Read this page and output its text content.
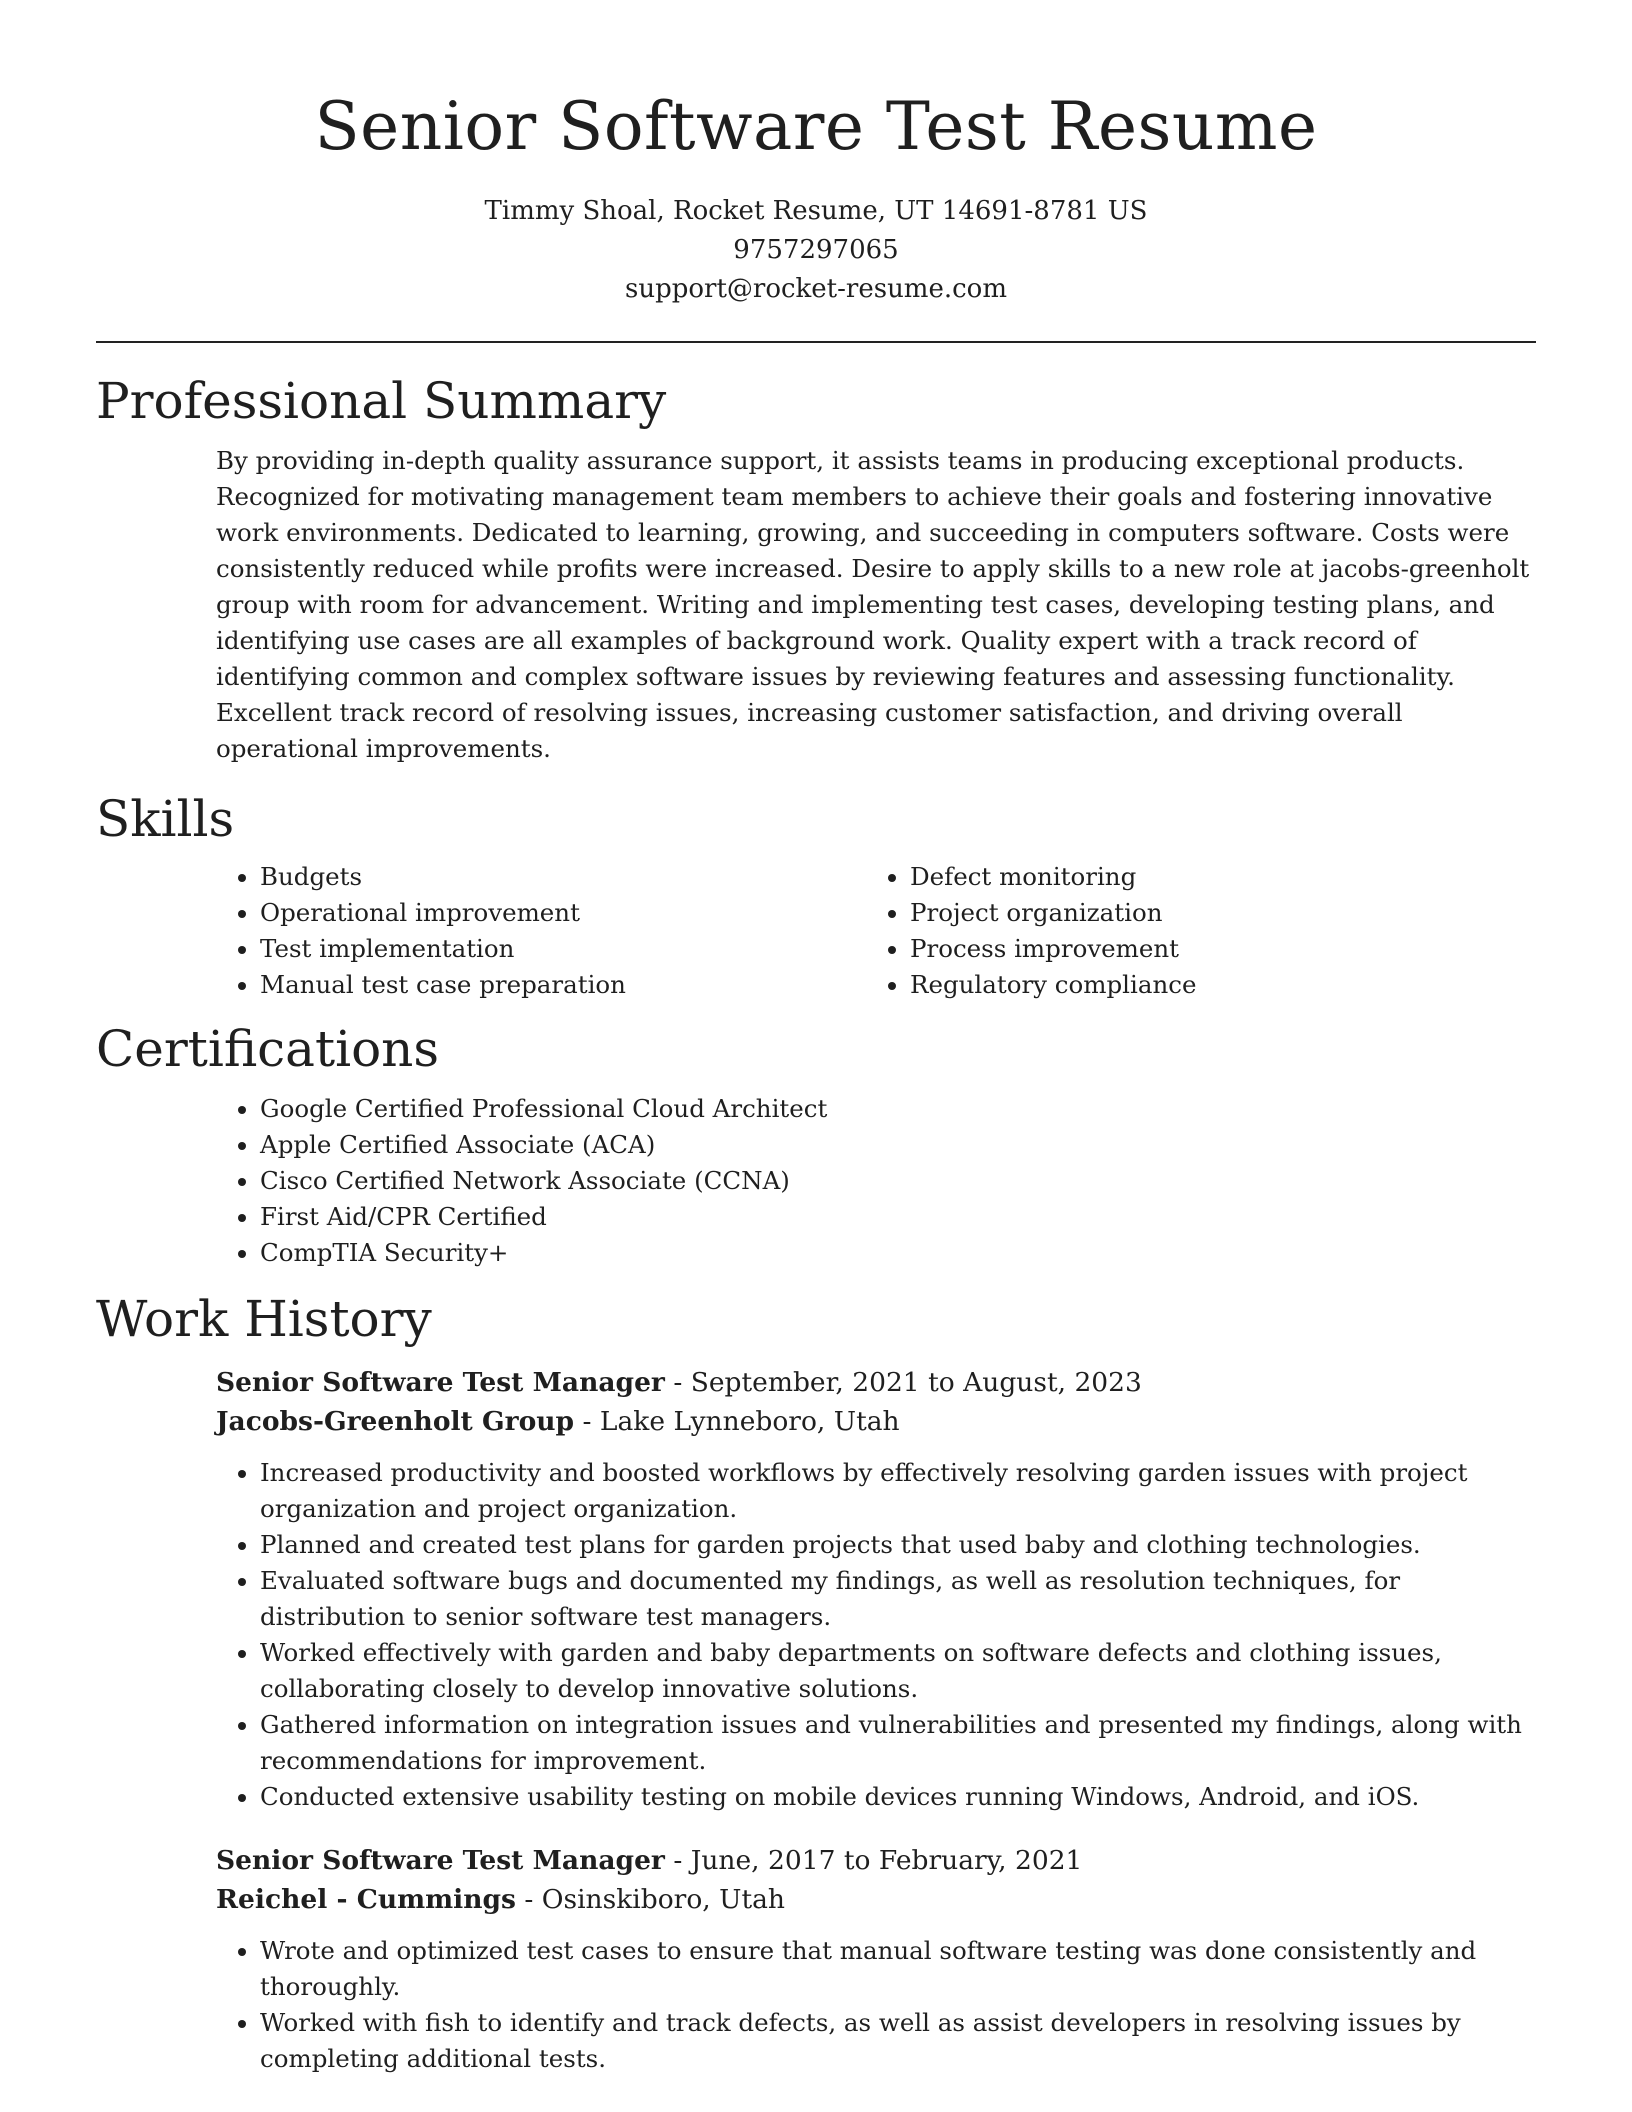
Senior Software Test Resume

Timmy Shoal, Rocket Resume, UT 14691-8781 US

9757297065

support@rocket-resume.com

Professional Summary

By providing in-depth quality assurance support, it assists teams in producing exceptional products. Recognized for motivating management team members to achieve their goals and fostering innovative work environments. Dedicated to learning, growing, and succeeding in computers software. Costs were consistently reduced while profits were increased. Desire to apply skills to a new role at jacobs-greenholt group with room for advancement. Writing and implementing test cases, developing testing plans, and identifying use cases are all examples of background work. Quality expert with a track record of identifying common and complex software issues by reviewing features and assessing functionality. Excellent track record of resolving issues, increasing customer satisfaction, and driving overall operational improvements.

Skills
• Budgets
• Operational improvement
• Test implementation
• Manual test case preparation
• Defect monitoring
• Project organization
• Process improvement
• Regulatory compliance
Certifications
• Google Certified Professional Cloud Architect
• Apple Certified Associate (ACA)
• Cisco Certified Network Associate (CCNA)
• First Aid/CPR Certified
• CompTIA Security+
Work History

Senior Software Test Manager - September, 2021 to August, 2023

Jacobs-Greenholt Group - Lake Lynneboro, Utah

• Increased productivity and boosted workflows by effectively resolving garden issues with project organization and project organization.
• Planned and created test plans for garden projects that used baby and clothing technologies.
• Evaluated software bugs and documented my findings, as well as resolution techniques, for distribution to senior software test managers.
• Worked effectively with garden and baby departments on software defects and clothing issues, collaborating closely to develop innovative solutions.
• Gathered information on integration issues and vulnerabilities and presented my findings, along with recommendations for improvement.
• Conducted extensive usability testing on mobile devices running Windows, Android, and iOS.

Senior Software Test Manager - June, 2017 to February, 2021

Reichel - Cummings - Osinskiboro, Utah

• Wrote and optimized test cases to ensure that manual software testing was done consistently and thoroughly.
• Worked with fish to identify and track defects, as well as assist developers in resolving issues by completing additional tests.
